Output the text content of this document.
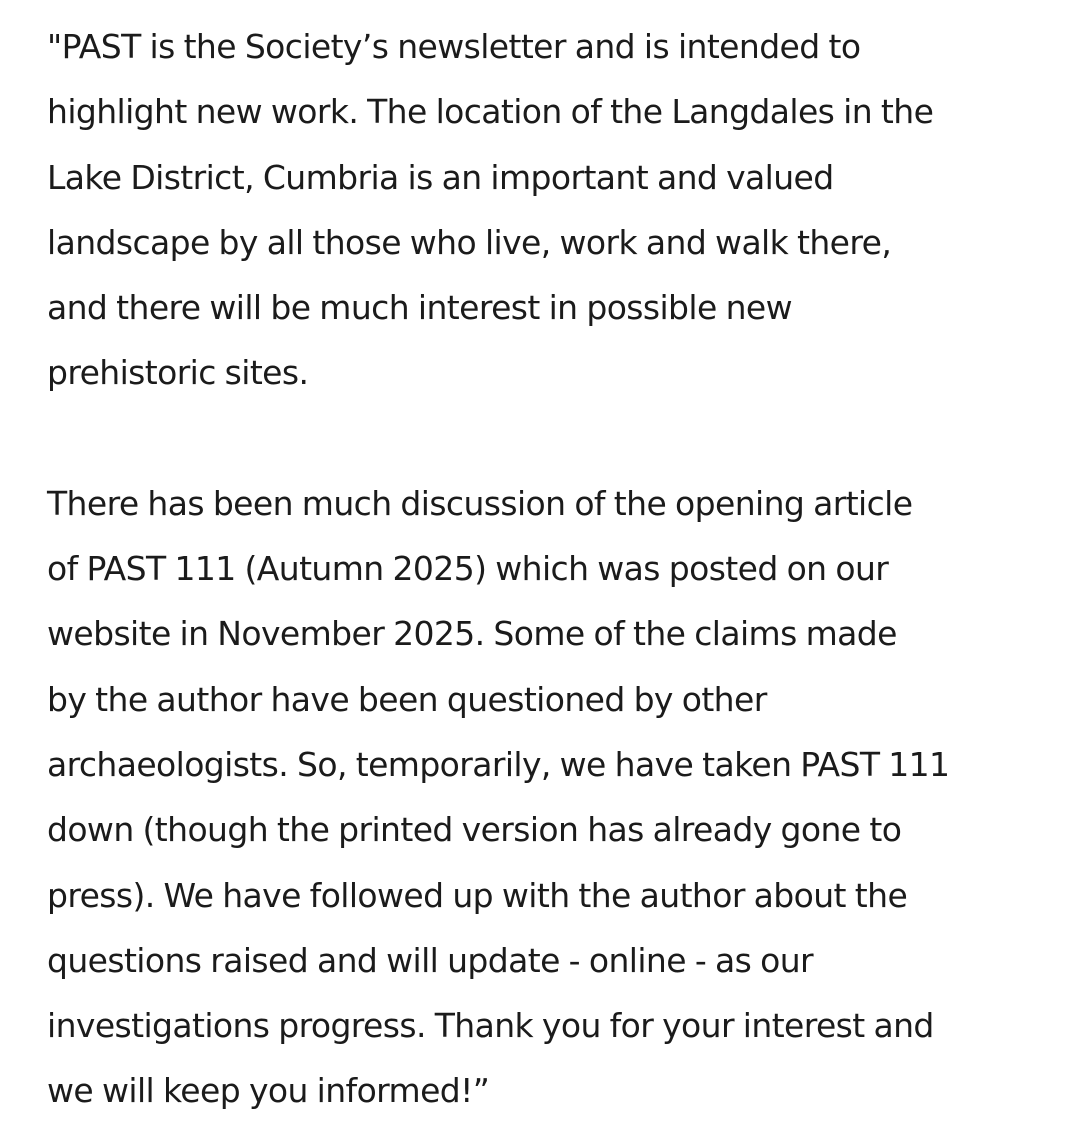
"PAST is the Society’s newsletter and is intended to
highlight new work. The location of the Langdales in the
Lake District, Cumbria is an important and valued
landscape by all those who live, work and walk there,
and there will be much interest in possible new
prehistoric sites.

There has been much discussion of the opening article
of PAST 111 (Autumn 2025) which was posted on our
website in November 2025. Some of the claims made
by the author have been questioned by other
archaeologists. So, temporarily, we have taken PAST 111
down (though the printed version has already gone to
press). We have followed up with the author about the
questions raised and will update - online - as our
investigations progress. Thank you for your interest and
we will keep you informed!”
